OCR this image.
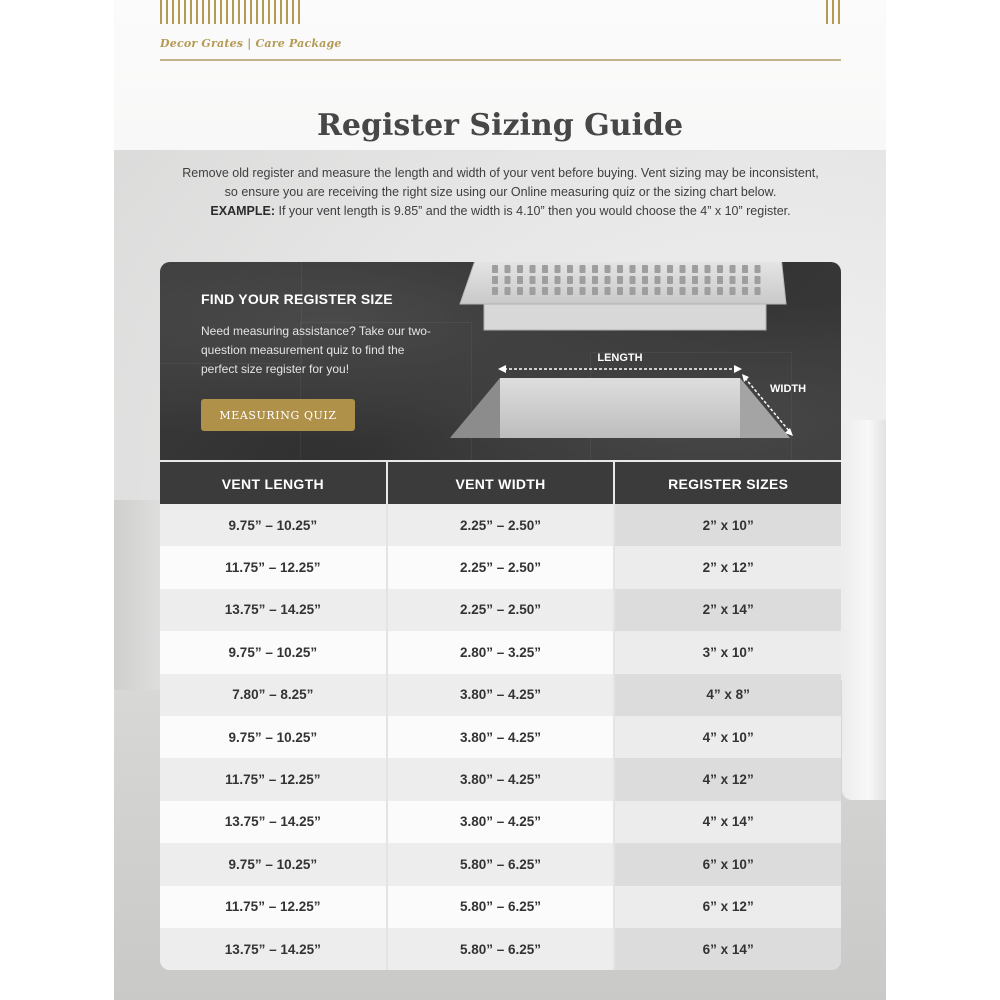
Decor Grates | Care Package

Register Sizing Guide
Remove old register and measure the length and width of your vent before buying. Vent sizing may be inconsistent,
so ensure you are receiving the right size using our Online measuring quiz or the sizing chart below.
EXAMPLE: If your vent length is 9.85” and the width is 4.10” then you would choose the 4” x 10” register.
FIND YOUR REGISTER SIZE

Need measuring assistance? Take our two-question measurement quiz to find the perfect size register for you!

MEASURING QUIZ
LENGTH
WIDTH
VENT LENGTH	VENT WIDTH	REGISTER SIZES
9.75” – 10.25”	2.25” – 2.50”	2” x 10”
11.75” – 12.25”	2.25” – 2.50”	2” x 12”
13.75” – 14.25”	2.25” – 2.50”	2” x 14”
9.75” – 10.25”	2.80” – 3.25”	3” x 10”
7.80” – 8.25”	3.80” – 4.25”	4” x 8”
9.75” – 10.25”	3.80” – 4.25”	4” x 10”
11.75” – 12.25”	3.80” – 4.25”	4” x 12”
13.75” – 14.25”	3.80” – 4.25”	4” x 14”
9.75” – 10.25”	5.80” – 6.25”	6” x 10”
11.75” – 12.25”	5.80” – 6.25”	6” x 12”
13.75” – 14.25”	5.80” – 6.25”	6” x 14”
